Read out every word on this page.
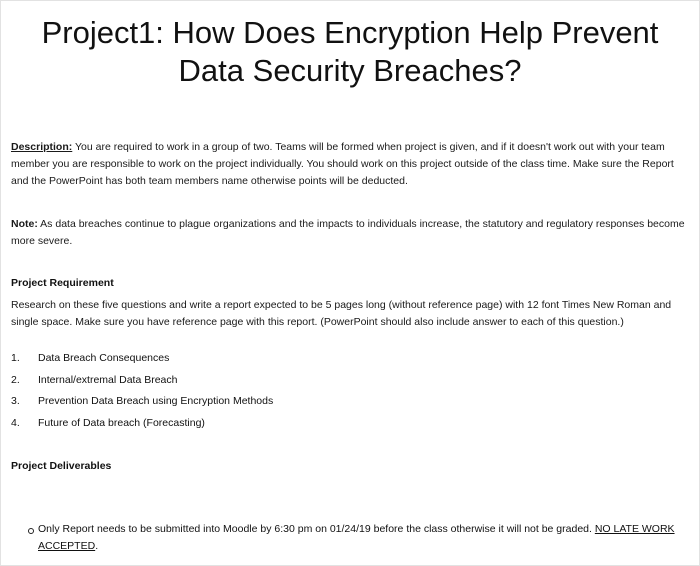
Project1: How Does Encryption Help Prevent
Data Security Breaches?

Description: You are required to work in a group of two. Teams will be formed when project is given, and if it doesn't work out with your team member you are responsible to work on the project individually. You should work on this project outside of the class time. Make sure the Report and the PowerPoint has both team members name otherwise points will be deducted.

Note: As data breaches continue to plague organizations and the impacts to individuals increase, the statutory and regulatory responses become more severe.

Project Requirement

Research on these five questions and write a report expected to be 5 pages long (without reference page) with 12 font Times New Roman and single space. Make sure you have reference page with this report. (PowerPoint should also include answer to each of this question.)

1. Data Breach Consequences
2. Internal/extremal Data Breach
3. Prevention Data Breach using Encryption Methods
4. Future of Data breach (Forecasting)

Project Deliverables

Only Report needs to be submitted into Moodle by 6:30 pm on 01/24/19 before the class otherwise it will not be graded. NO LATE WORK ACCEPTED.
